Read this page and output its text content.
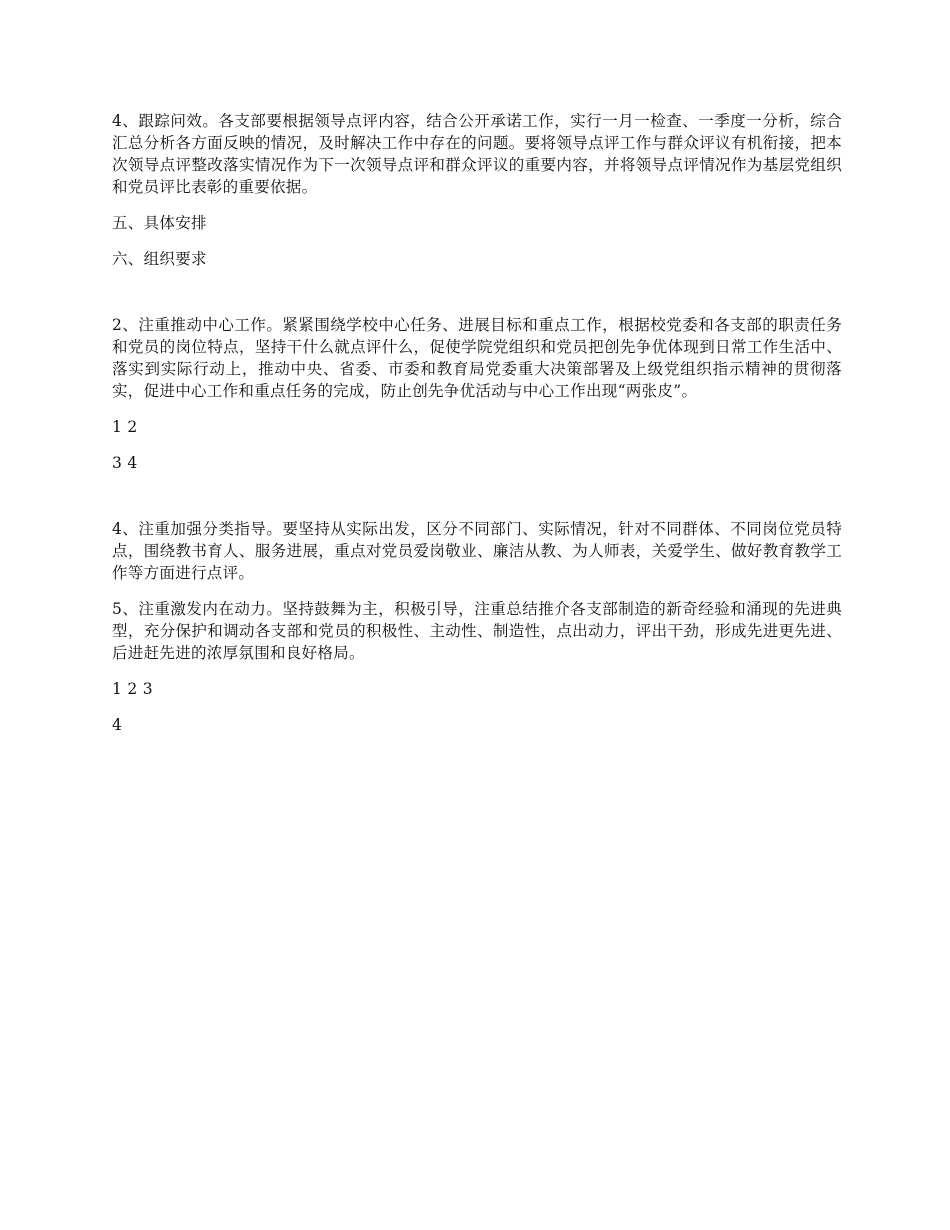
4、跟踪问效。各支部要根据领导点评内容，结合公开承诺工作，实行一月一检查、一季度一分析，综合汇总分析各方面反映的情况，及时解决工作中存在的问题。要将领导点评工作与群众评议有机衔接，把本次领导点评整改落实情况作为下一次领导点评和群众评议的重要内容，并将领导点评情况作为基层党组织和党员评比表彰的重要依据。

五、具体安排

六、组织要求

2、注重推动中心工作。紧紧围绕学校中心任务、进展目标和重点工作，根据校党委和各支部的职责任务和党员的岗位特点，坚持干什么就点评什么，促使学院党组织和党员把创先争优体现到日常工作生活中、落实到实际行动上，推动中央、省委、市委和教育局党委重大决策部署及上级党组织指示精神的贯彻落实，促进中心工作和重点任务的完成，防止创先争优活动与中心工作出现“两张皮”。

1 2

3 4

4、注重加强分类指导。要坚持从实际出发，区分不同部门、实际情况，针对不同群体、不同岗位党员特点，围绕教书育人、服务进展，重点对党员爱岗敬业、廉洁从教、为人师表，关爱学生、做好教育教学工作等方面进行点评。

5、注重激发内在动力。坚持鼓舞为主，积极引导，注重总结推介各支部制造的新奇经验和涌现的先进典型，充分保护和调动各支部和党员的积极性、主动性、制造性，点出动力，评出干劲，形成先进更先进、后进赶先进的浓厚氛围和良好格局。

1 2 3

4
